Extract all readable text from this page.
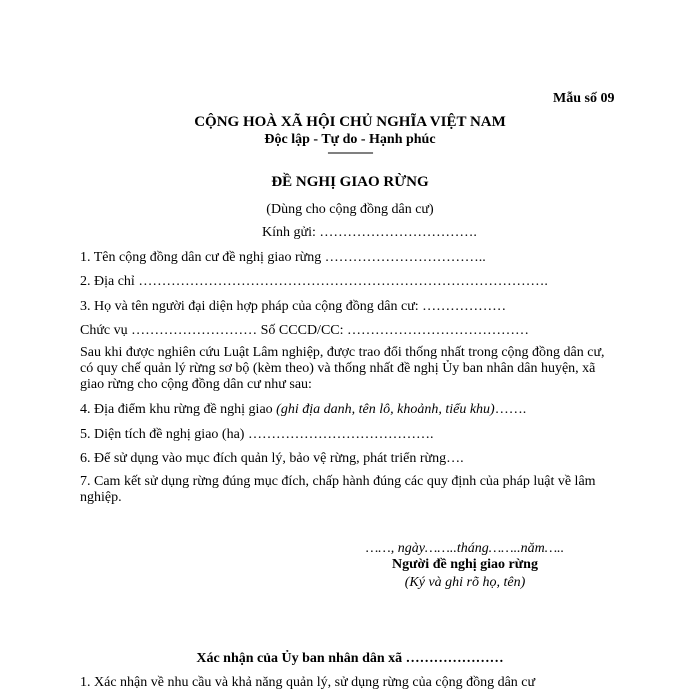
Mẫu số 09
CỘNG HOÀ XÃ HỘI CHỦ NGHĨA VIỆT NAM
Độc lập - Tự do - Hạnh phúc
---------------
ĐỀ NGHỊ GIAO RỪNG
(Dùng cho cộng đồng dân cư)
Kính gửi: …………………………….
1. Tên cộng đồng dân cư đề nghị giao rừng ……………………………..
2. Địa chỉ …………………………………………………………………………….
3. Họ và tên người đại diện hợp pháp của cộng đồng dân cư: ………………
Chức vụ ……………………… Số CCCD/CC: …………………………………
Sau khi được nghiên cứu Luật Lâm nghiệp, được trao đổi thống nhất trong cộng đồng dân cư, có quy chế quản lý rừng sơ bộ (kèm theo) và thống nhất đề nghị Ủy ban nhân dân huyện, xã giao rừng cho cộng đồng dân cư như sau:
4. Địa điểm khu rừng đề nghị giao (ghi địa danh, tên lô, khoảnh, tiểu khu)…….
5. Diện tích đề nghị giao (ha) ………………………………….
6. Để sử dụng vào mục đích quản lý, bảo vệ rừng, phát triển rừng….
7. Cam kết sử dụng rừng đúng mục đích, chấp hành đúng các quy định của pháp luật về lâm nghiệp.
……, ngày……..tháng……..năm…..
Người đề nghị giao rừng
(Ký và ghi rõ họ, tên)
Xác nhận của Ủy ban nhân dân xã …………………
1. Xác nhận về nhu cầu và khả năng quản lý, sử dụng rừng của cộng đồng dân cư
